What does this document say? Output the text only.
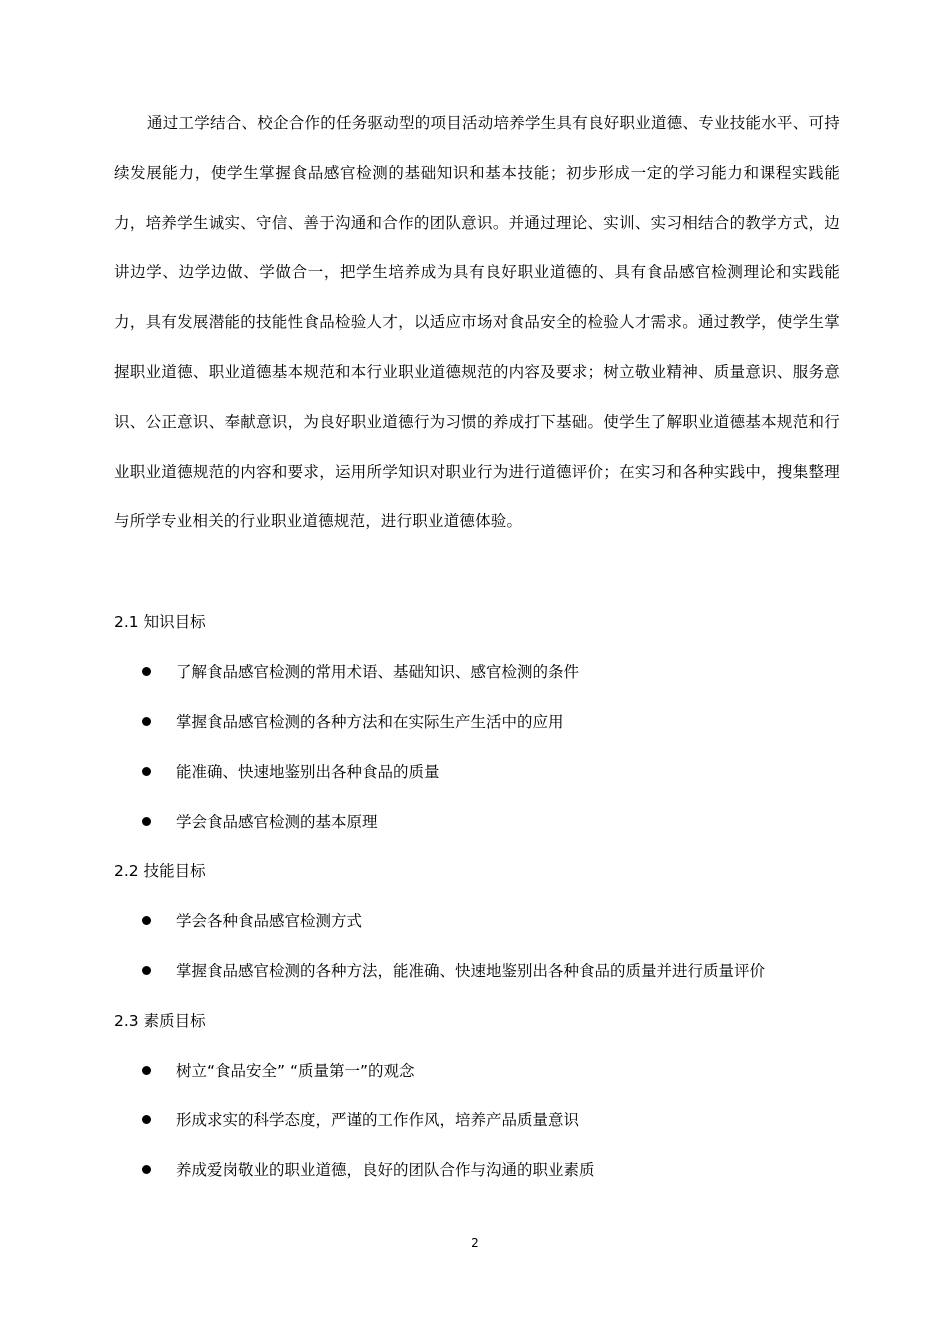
通过工学结合、校企合作的任务驱动型的项目活动培养学生具有良好职业道德、专业技能水平、可持续发展能力，使学生掌握食品感官检测的基础知识和基本技能；初步形成一定的学习能力和课程实践能力，培养学生诚实、守信、善于沟通和合作的团队意识。并通过理论、实训、实习相结合的教学方式，边讲边学、边学边做、学做合一，把学生培养成为具有良好职业道德的、具有食品感官检测理论和实践能力，具有发展潜能的技能性食品检验人才，以适应市场对食品安全的检验人才需求。通过教学，使学生掌握职业道德、职业道德基本规范和本行业职业道德规范的内容及要求；树立敬业精神、质量意识、服务意识、公正意识、奉献意识，为良好职业道德行为习惯的养成打下基础。使学生了解职业道德基本规范和行业职业道德规范的内容和要求，运用所学知识对职业行为进行道德评价；在实习和各种实践中，搜集整理与所学专业相关的行业职业道德规范，进行职业道德体验。

2.1 知识目标

了解食品感官检测的常用术语、基础知识、感官检测的条件
掌握食品感官检测的各种方法和在实际生产生活中的应用
能准确、快速地鉴别出各种食品的质量
学会食品感官检测的基本原理

2.2 技能目标

学会各种食品感官检测方式
掌握食品感官检测的各种方法，能准确、快速地鉴别出各种食品的质量并进行质量评价

2.3 素质目标

树立“食品安全” “质量第一”的观念
形成求实的科学态度，严谨的工作作风，培养产品质量意识
养成爱岗敬业的职业道德，良好的团队合作与沟通的职业素质
2
